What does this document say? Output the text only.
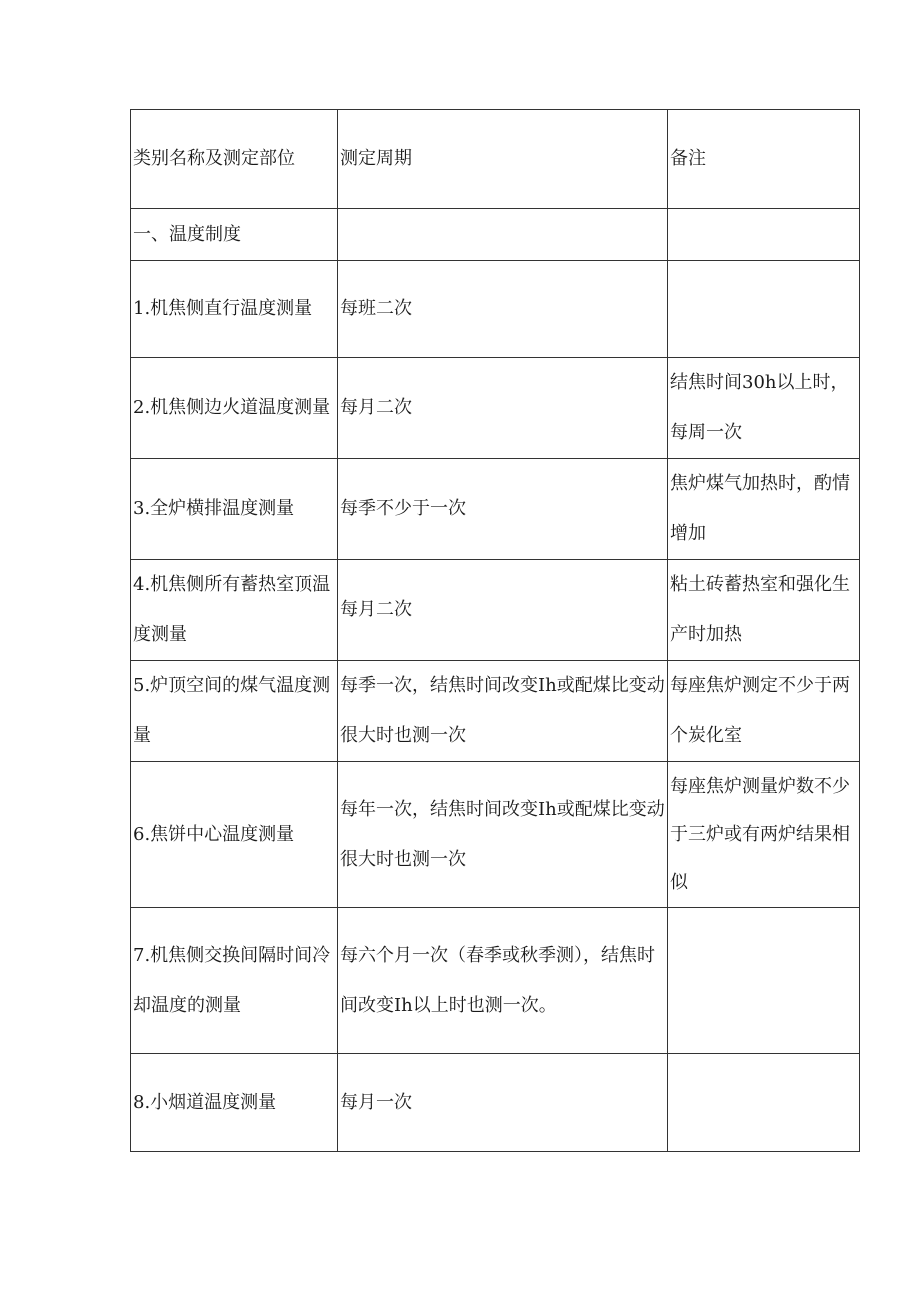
类别名称及测定部位	测定周期	备注
一、温度制度		
1.机焦侧直行温度测量	每班二次	
2.机焦侧边火道温度测量	每月二次	结焦时间30h以上时，每周一次
3.全炉横排温度测量	每季不少于一次	焦炉煤气加热时，酌情增加
4.机焦侧所有蓄热室顶温度测量	每月二次	粘土砖蓄热室和强化生产时加热
5.炉顶空间的煤气温度测量	每季一次，结焦时间改变Ih或配煤比变动很大时也测一次	每座焦炉测定不少于两个炭化室
6.焦饼中心温度测量	每年一次，结焦时间改变Ih或配煤比变动很大时也测一次	每座焦炉测量炉数不少于三炉或有两炉结果相似
7.机焦侧交换间隔时间冷却温度的测量	每六个月一次（春季或秋季测），结焦时间改变Ih以上时也测一次。	
8.小烟道温度测量	每月一次	
